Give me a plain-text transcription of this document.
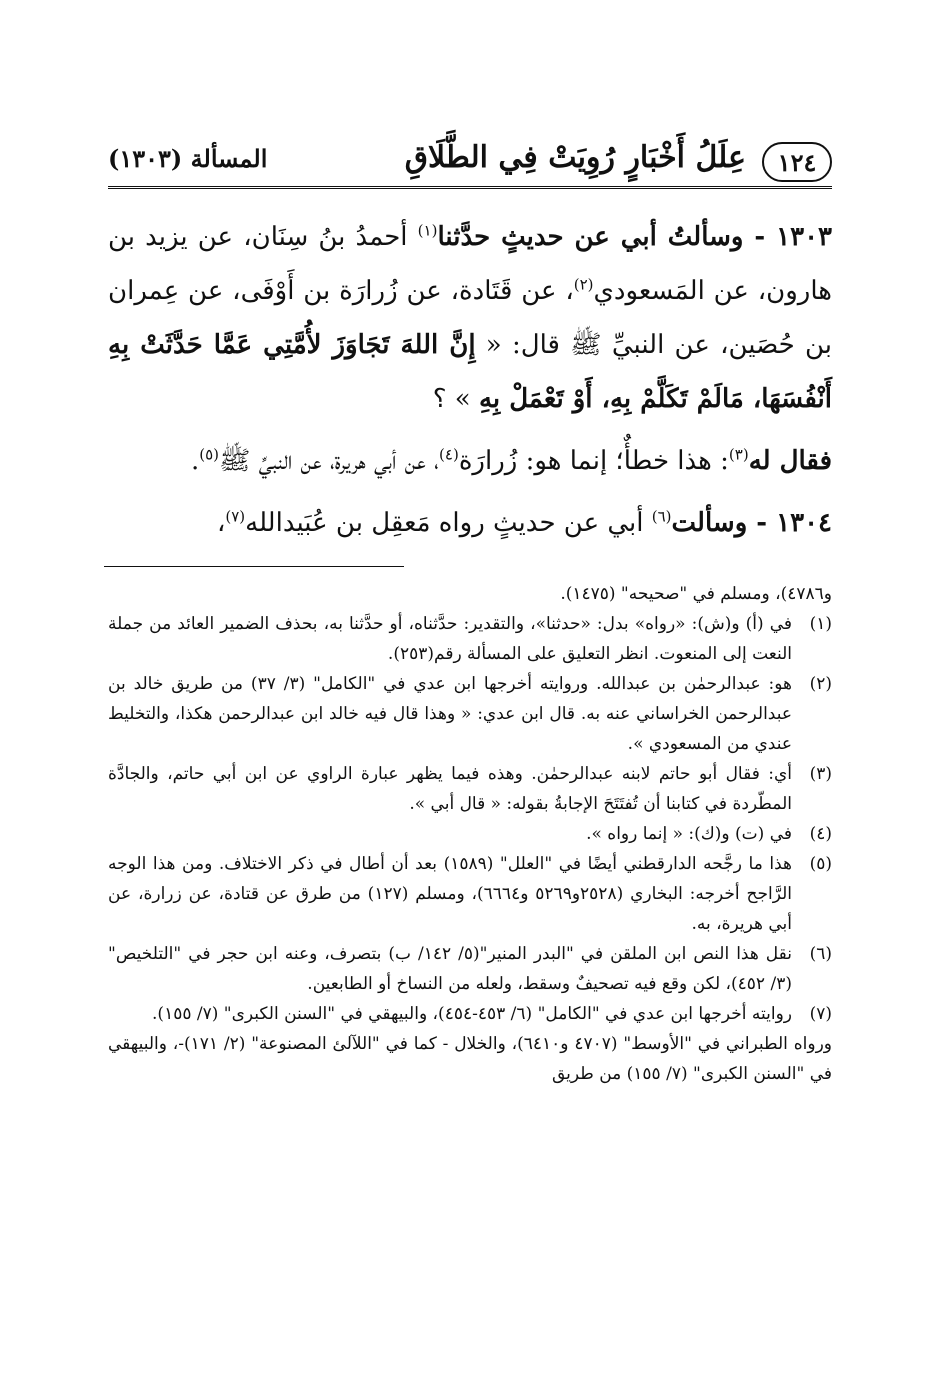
١٢٤
عِلَلُ أَخْبَارٍ رُوِيَتْ فِي الطَّلَاقِ
المسألة (١٣٠٣)

١٣٠٣ - وسألتُ أبي عن حديثٍ حدَّثنا$^{(١)}$ أحمدُ بنُ سِنَان، عن يزيد بن هارون، عن المَسعودي$^{(٢)}$، عن قَتَادة، عن زُرارَة بن أَوْفَى، عن عِمران بن حُصَين، عن النبيِّ ﷺ قال: « إِنَّ اللهَ تَجَاوَزَ لأُمَّتِي عَمَّا حَدَّثَتْ بِهِ أَنْفُسَهَا، مَالَمْ تَكَلَّمْ بِهِ، أَوْ تَعْمَلْ بِهِ » ؟

فقال له$^{(٣)}$: هذا خطأٌ؛ إنما هو: زُرارَة$^{(٤)}$، عن أبي هريرة، عن النبيِّ ﷺ$^{(٥)}$.

١٣٠٤ - وسألت$^{(٦)}$ أبي عن حديثٍ رواه مَعقِل بن عُبَيدالله$^{(٧)}$،

و٤٧٨٦)، ومسلم في "صحيحه" (١٤٧٥).

(١)
في (أ) و(ش): «رواه» بدل: «حدثنا»، والتقدير: حدَّثناه، أو حدَّثنا به، بحذف الضمير العائد من جملة النعت إلى المنعوت. انظر التعليق على المسألة رقم(٢٥٣).
(٢)
هو: عبدالرحمٰن بن عبدالله. وروايته أخرجها ابن عدي في "الكامل" (٣/ ٣٧) من طريق خالد بن عبدالرحمن الخراساني عنه به. قال ابن عدي: « وهذا قال فيه خالد ابن عبدالرحمن هكذا، والتخليط عندي من المسعودي ».
(٣)
أي: فقال أبو حاتم لابنه عبدالرحمٰن. وهذه فيما يظهر عبارة الراوي عن ابن أبي حاتم، والجادَّة المطّردة في كتابنا أن تُفتَتَحَ الإجابةُ بقوله: « قال أبي ».
(٤)
في (ت) و(ك): « إنما رواه ».
(٥)
هذا ما رجَّحه الدارقطني أيضًا في "العلل" (١٥٨٩) بعد أن أطال في ذكر الاختلاف. ومن هذا الوجه الرَّاجح أخرجه: البخاري (٢٥٢٨و٥٢٦٩ و٦٦٦٤)، ومسلم (١٢٧) من طرق عن قتادة، عن زرارة، عن أبي هريرة، به.
(٦)
نقل هذا النص ابن الملقن في "البدر المنير"(٥/ ١٤٢/ ب) بتصرف، وعنه ابن حجر في "التلخيص" (٣/ ٤٥٢)، لكن وقع فيه تصحيفٌ وسقط، ولعله من النساخ أو الطابعين.
(٧)
روايته أخرجها ابن عدي في "الكامل" (٦/ ٤٥٣-٤٥٤)، والبيهقي في "السنن الكبرى" (٧/ ١٥٥).

ورواه الطبراني في "الأوسط" (٤٧٠٧ و٦٤١٠)، والخلال - كما في "اللآلئ المصنوعة" (٢/ ١٧١)-، والبيهقي في "السنن الكبرى" (٧/ ١٥٥) من طريق
